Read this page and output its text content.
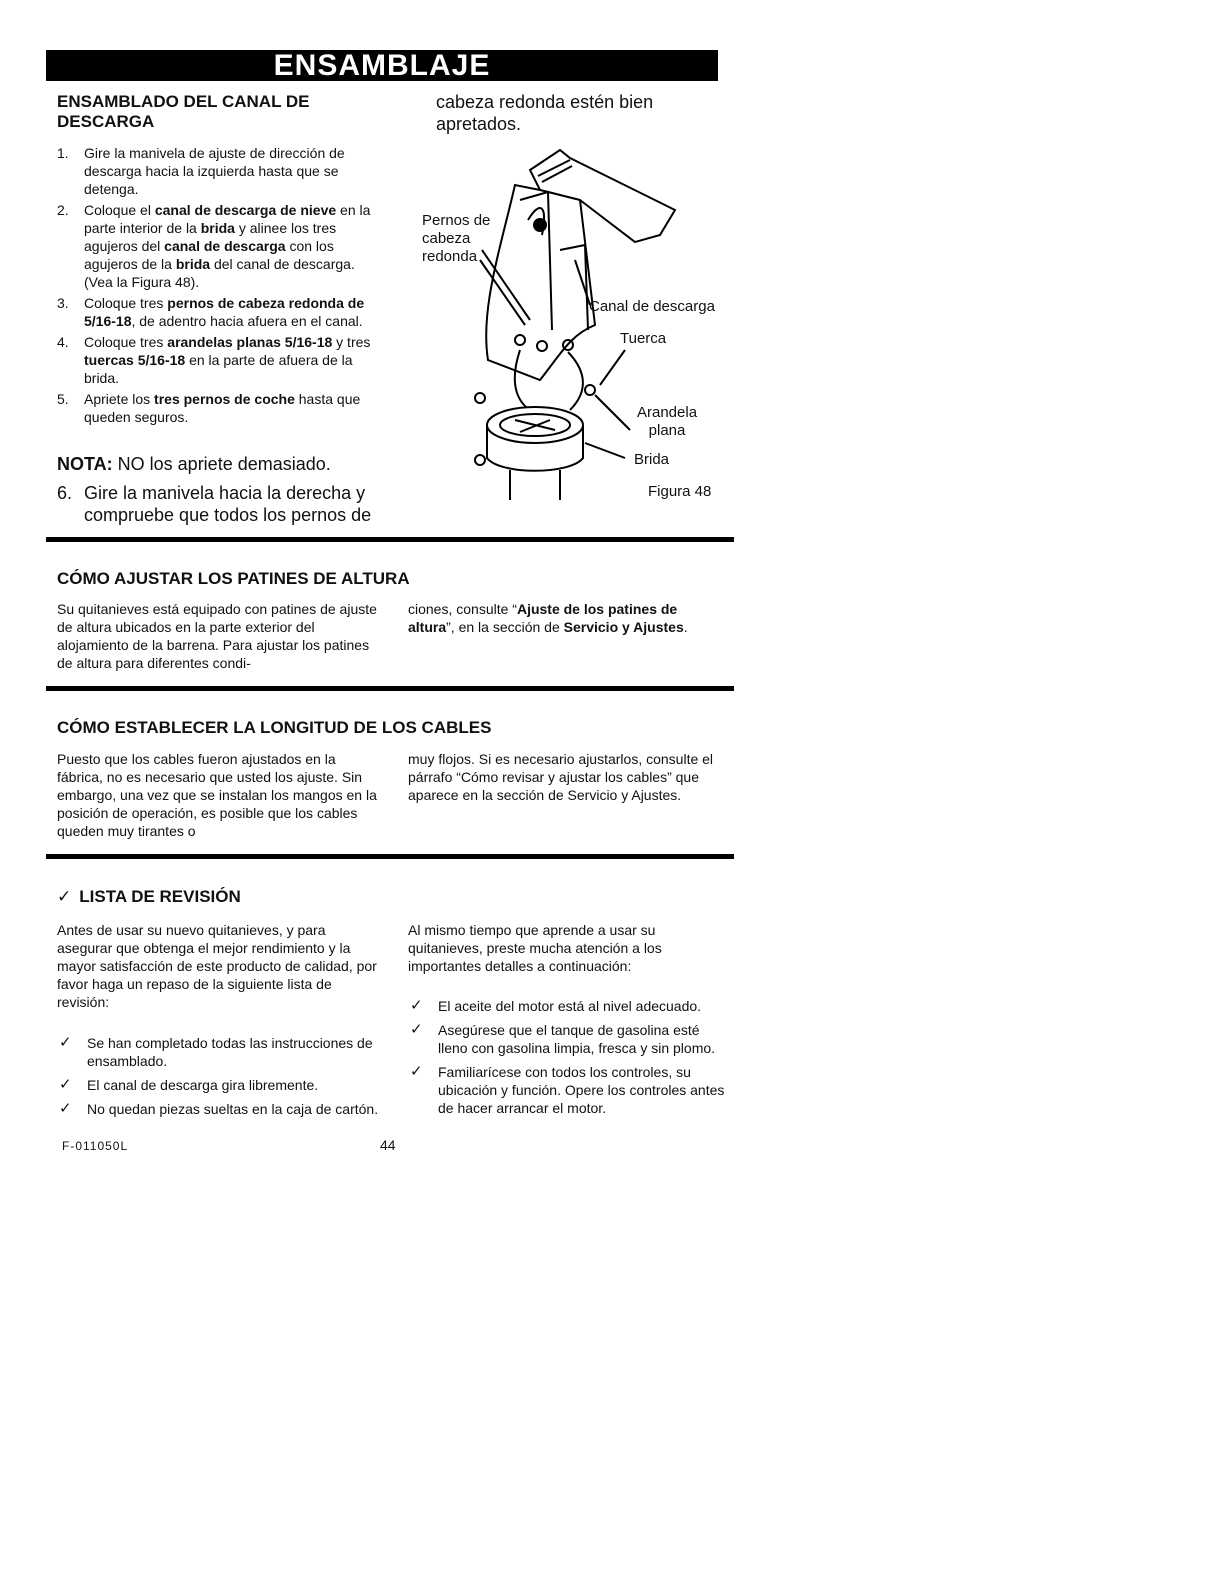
ENSAMBLAJE
ENSAMBLADO DEL CANAL DE
DESCARGA
1. Gire la manivela de ajuste de dirección de descarga hacia la izquierda hasta que se detenga.
2. Coloque el canal de descarga de nieve en la parte interior de la brida y alinee los tres agujeros del canal de descarga con los agujeros de la brida del canal de descarga. (Vea la Figura 48).
3. Coloque tres pernos de cabeza redonda de 5/16-18, de adentro hacia afuera en el canal.
4. Coloque tres arandelas planas 5/16-18 y tres tuercas 5/16-18 en la parte de afuera de la brida.
5. Apriete los tres pernos de coche hasta que queden seguros.
NOTA: NO los apriete demasiado.
6. Gire la manivela hacia la derecha y compruebe que todos los pernos de
cabeza redonda estén bien apretados.
Pernos de cabeza redonda
Canal de descarga
Tuerca
Arandela plana
Brida
Figura 48
CÓMO AJUSTAR LOS PATINES DE ALTURA
Su quitanieves está equipado con patines de ajuste de altura ubicados en la parte exterior del alojamiento de la barrena. Para ajustar los patines de altura para diferentes condi-
ciones, consulte “Ajuste de los patines de altura”, en la sección de Servicio y Ajustes.
CÓMO ESTABLECER LA LONGITUD DE LOS CABLES
Puesto que los cables fueron ajustados en la fábrica, no es necesario que usted los ajuste. Sin embargo, una vez que se instalan los mangos en la posición de operación, es posible que los cables queden muy tirantes o
muy flojos. Si es necesario ajustarlos, consulte el párrafo “Cómo revisar y ajustar los cables” que aparece en la sección de Servicio y Ajustes.
✓ LISTA DE REVISIÓN
Antes de usar su nuevo quitanieves, y para asegurar que obtenga el mejor rendimiento y la mayor satisfacción de este producto de calidad, por favor haga un repaso de la siguiente lista de revisión:
✓ Se han completado todas las instrucciones de ensamblado.
✓ El canal de descarga gira libremente.
✓ No quedan piezas sueltas en la caja de cartón.
Al mismo tiempo que aprende a usar su quitanieves, preste mucha atención a los importantes detalles a continuación:
✓ El aceite del motor está al nivel adecuado.
✓ Asegúrese que el tanque de gasolina esté lleno con gasolina limpia, fresca y sin plomo.
✓ Familiarícese con todos los controles, su ubicación y función. Opere los controles antes de hacer arrancar el motor.
F-011050L	44
